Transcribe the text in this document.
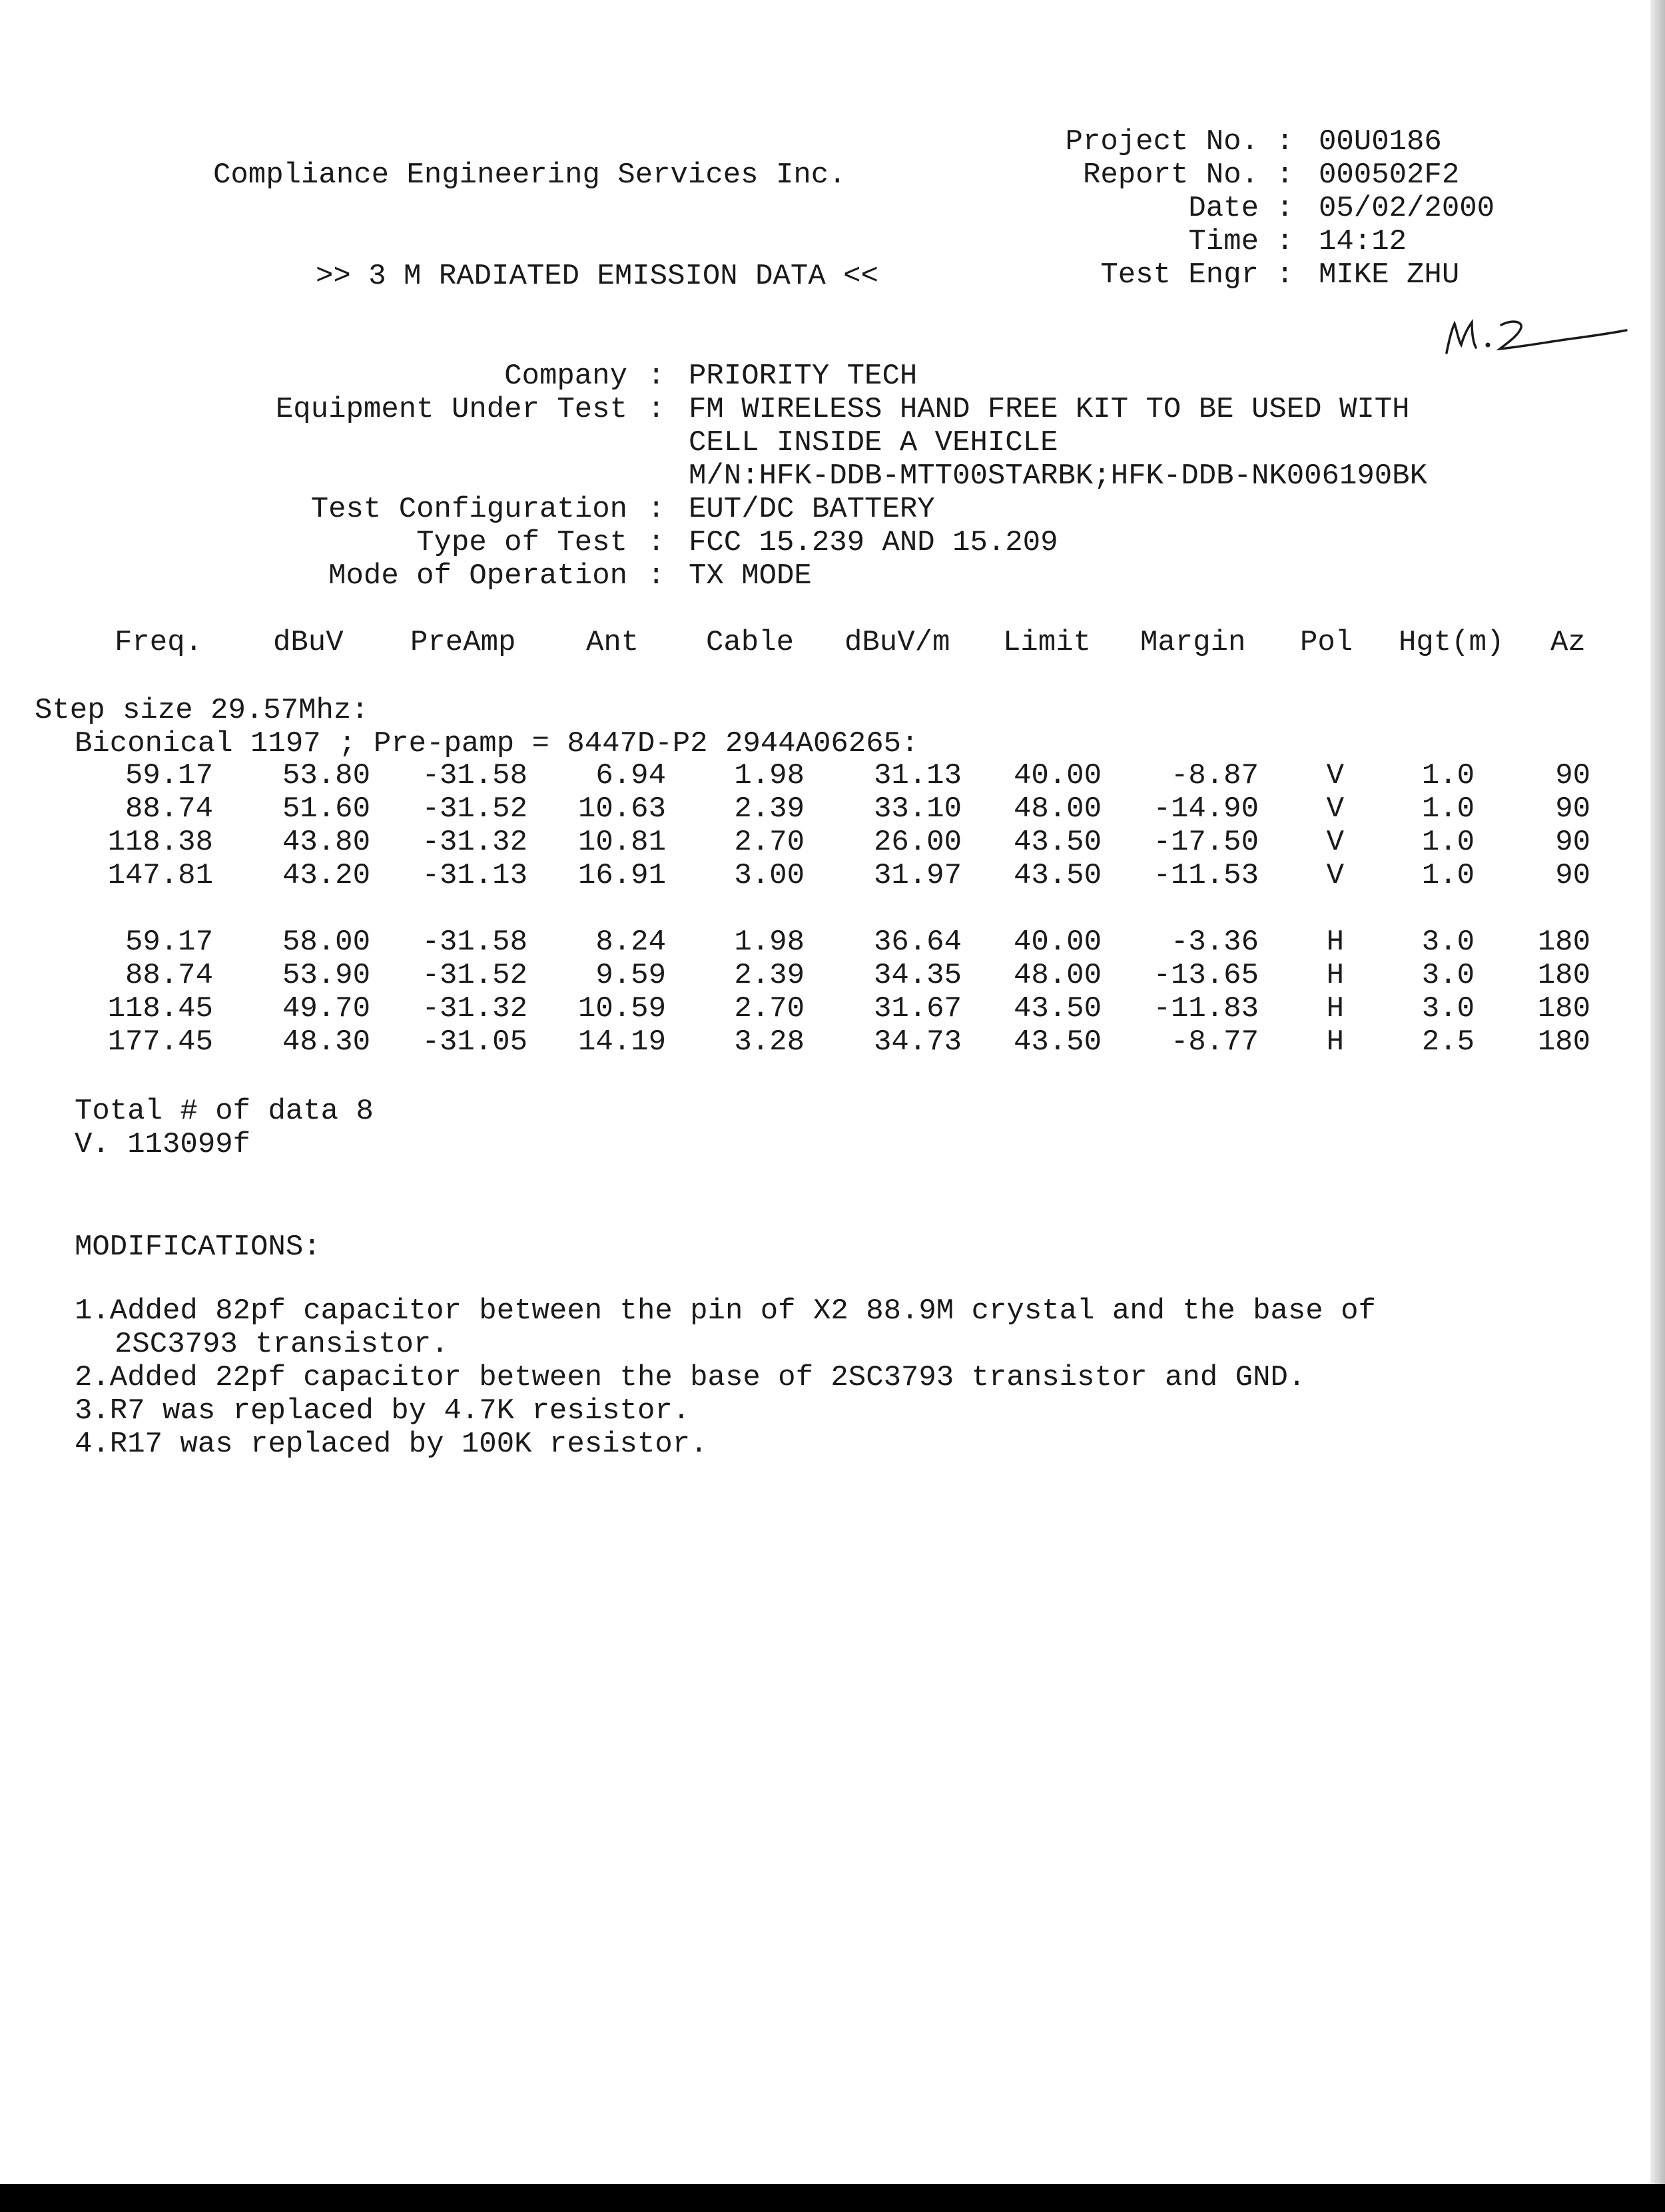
Compliance Engineering Services Inc.
>> 3 M RADIATED EMISSION DATA <<
Project No. : 00U0186
Report No. : 000502F2
Date : 05/02/2000
Time : 14:12
Test Engr : MIKE ZHU
Company : PRIORITY TECH
Equipment Under Test : FM WIRELESS HAND FREE KIT TO BE USED WITH
CELL INSIDE A VEHICLE
M/N:HFK-DDB-MTT00STARBK;HFK-DDB-NK006190BK
Test Configuration : EUT/DC BATTERY
Type of Test : FCC 15.239 AND 15.209
Mode of Operation : TX MODE
Freq. dBuV PreAmp Ant Cable dBuV/m Limit Margin Pol Hgt(m) Az
Step size 29.57Mhz:
Biconical 1197 ; Pre-pamp = 8447D-P2 2944A06265:
59.17 53.80 -31.58 6.94 1.98 31.13 40.00 -8.87	V	1.0	90
88.74 51.60 -31.52 10.63 2.39 33.10 48.00 -14.90	V	1.0	90
118.38 43.80 -31.32 10.81 2.70 26.00 43.50 -17.50	V	1.0	90
147.81 43.20 -31.13 16.91 3.00 31.97 43.50 -11.53	V	1.0	90
59.17 58.00 -31.58 8.24 1.98 36.64 40.00 -3.36	H	3.0 180
88.74 53.90 -31.52 9.59 2.39 34.35 48.00 -13.65	H	3.0 180
118.45 49.70 -31.32 10.59 2.70 31.67 43.50 -11.83	H	3.0 180
177.45 48.30 -31.05 14.19 3.28 34.73 43.50 -8.77	H	2.5 180
Total # of data 8
V. 113099f
MODIFICATIONS:
1.Added 82pf capacitor between the pin of X2 88.9M crystal and the base of
2SC3793 transistor.
2.Added 22pf capacitor between the base of 2SC3793 transistor and GND.
3.R7 was replaced by 4.7K resistor.
4.R17 was replaced by 100K resistor.
